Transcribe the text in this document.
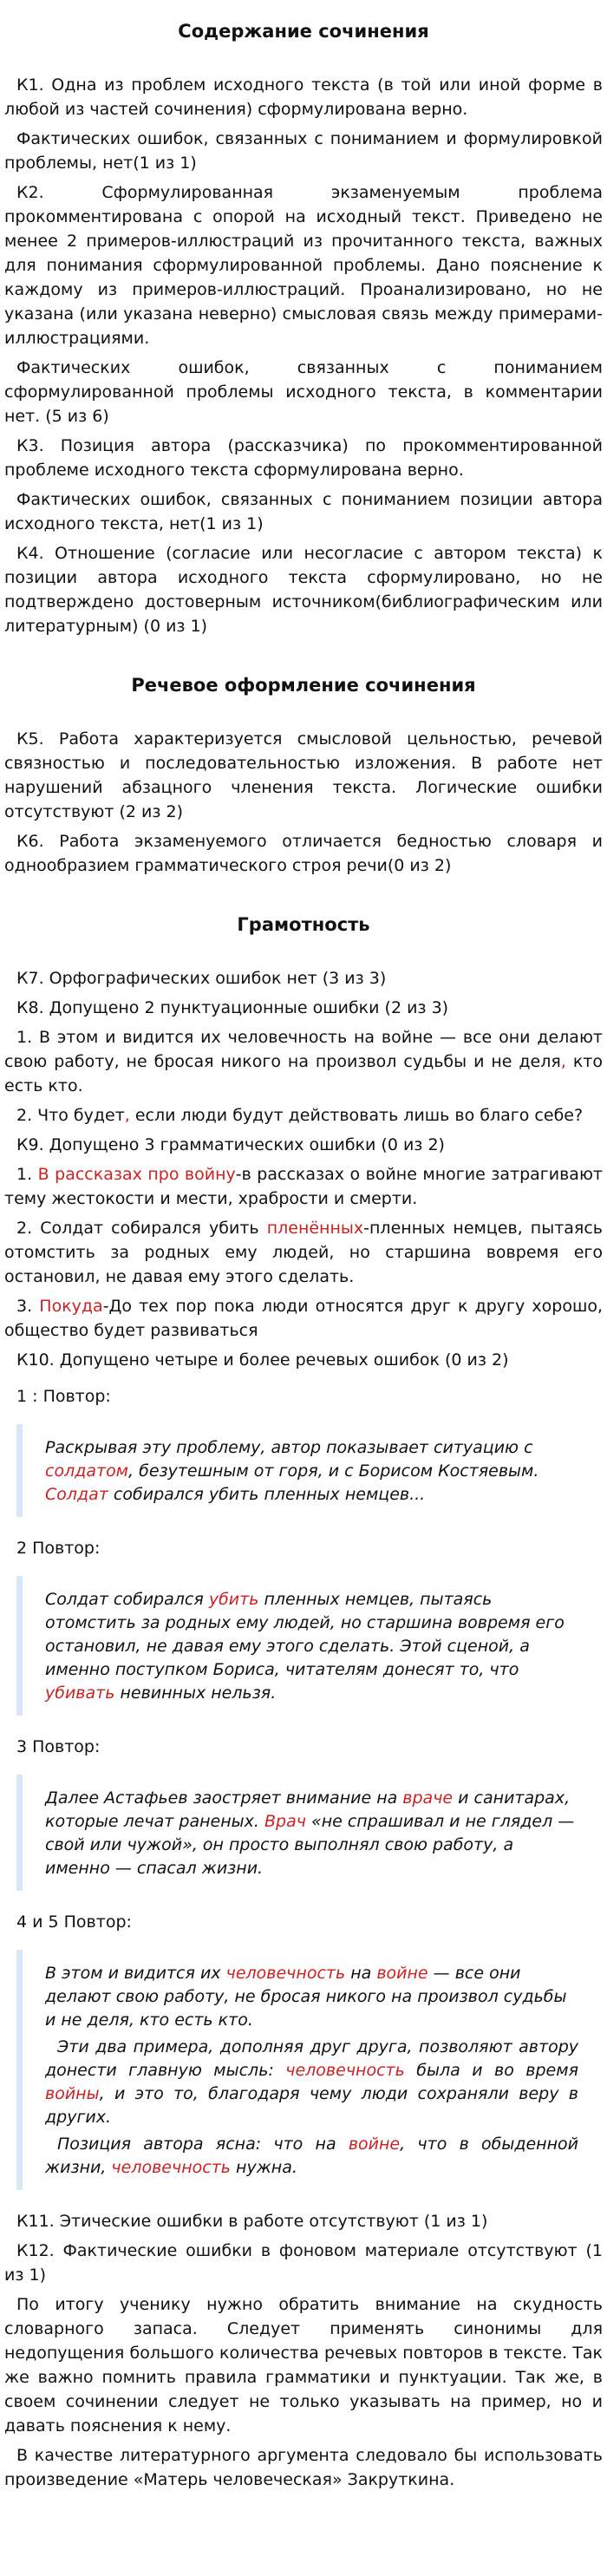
Содержание сочинения

К1. Одна из проблем исходного текста (в той или иной форме в любой из частей сочинения) сформулирована верно.

Фактических ошибок, связанных с пониманием и формулировкой проблемы, нет(1 из 1)

К2. Сформулированная экзаменуемым проблема прокомментирована с опорой на исходный текст. Приведено не менее 2 примеров-иллюстраций из прочитанного текста, важных для понимания сформулированной проблемы. Дано пояснение к каждому из примеров-иллюстраций. Проанализировано, но не указана (или указана неверно) смысловая связь между примерами-иллюстрациями.

Фактических ошибок, связанных с пониманием сформулированной проблемы исходного текста, в комментарии нет. (5 из 6)

К3. Позиция автора (рассказчика) по прокомментированной проблеме исходного текста сформулирована верно.

Фактических ошибок, связанных с пониманием позиции автора исходного текста, нет(1 из 1)

К4. Отношение (согласие или несогласие с автором текста) к позиции автора исходного текста сформулировано, но не подтверждено достоверным источником(библиографическим или литературным) (0 из 1)

Речевое оформление сочинения

К5. Работа характеризуется смысловой цельностью, речевой связностью и последовательностью изложения. В работе нет нарушений абзацного членения текста. Логические ошибки отсутствуют (2 из 2)

К6. Работа экзаменуемого отличается бедностью словаря и однообразием грамматического строя речи(0 из 2)

Грамотность

К7. Орфографических ошибок нет (3 из 3)

К8. Допущено 2 пунктуационные ошибки (2 из 3)

1. В этом и видится их человечность на войне — все они делают свою работу, не бросая никого на произвол судьбы и не деля, кто есть кто.

2. Что будет, если люди будут действовать лишь во благо себе?

К9. Допущено 3 грамматических ошибки (0 из 2)

1. В рассказах про войну-в рассказах о войне многие затрагивают тему жестокости и мести, храбрости и смерти.

2. Солдат собирался убить пленённых-пленных немцев, пытаясь отомстить за родных ему людей, но старшина вовремя его остановил, не давая ему этого сделать.

3. Покуда-До тех пор пока люди относятся друг к другу хорошо, общество будет развиваться

К10. Допущено четыре и более речевых ошибок (0 из 2)

1 : Повтор:

Раскрывая эту проблему, автор показывает ситуацию с солдатом, безутешным от горя, и с Борисом Костяевым. Солдат собирался убить пленных немцев...

2 Повтор:

Солдат собирался убить пленных немцев, пытаясь отомстить за родных ему людей, но старшина вовремя его остановил, не давая ему этого сделать. Этой сценой, а именно поступком Бориса, читателям донесят то, что убивать невинных нельзя.

3 Повтор:

Далее Астафьев заостряет внимание на враче и санитарах, которые лечат раненых. Врач «не спрашивал и не глядел — свой или чужой», он просто выполнял свою работу, а именно — спасал жизни.

4 и 5 Повтор:

В этом и видится их человечность на войне — все они делают свою работу, не бросая никого на произвол судьбы и не деля, кто есть кто.

Эти два примера, дополняя друг друга, позволяют автору донести главную мысль: человечность была и во время войны, и это то, благодаря чему люди сохраняли веру в других.

Позиция автора ясна: что на войне, что в обыденной жизни, человечность нужна.

К11. Этические ошибки в работе отсутствуют (1 из 1)

К12. Фактические ошибки в фоновом материале отсутствуют (1 из 1)

По итогу ученику нужно обратить внимание на скудность словарного запаса. Следует применять синонимы для недопущения большого количества речевых повторов в тексте. Так же важно помнить правила грамматики и пунктуации. Так же, в своем сочинении следует не только указывать на пример, но и давать пояснения к нему.

В качестве литературного аргумента следовало бы использовать произведение «Матерь человеческая» Закруткина.
